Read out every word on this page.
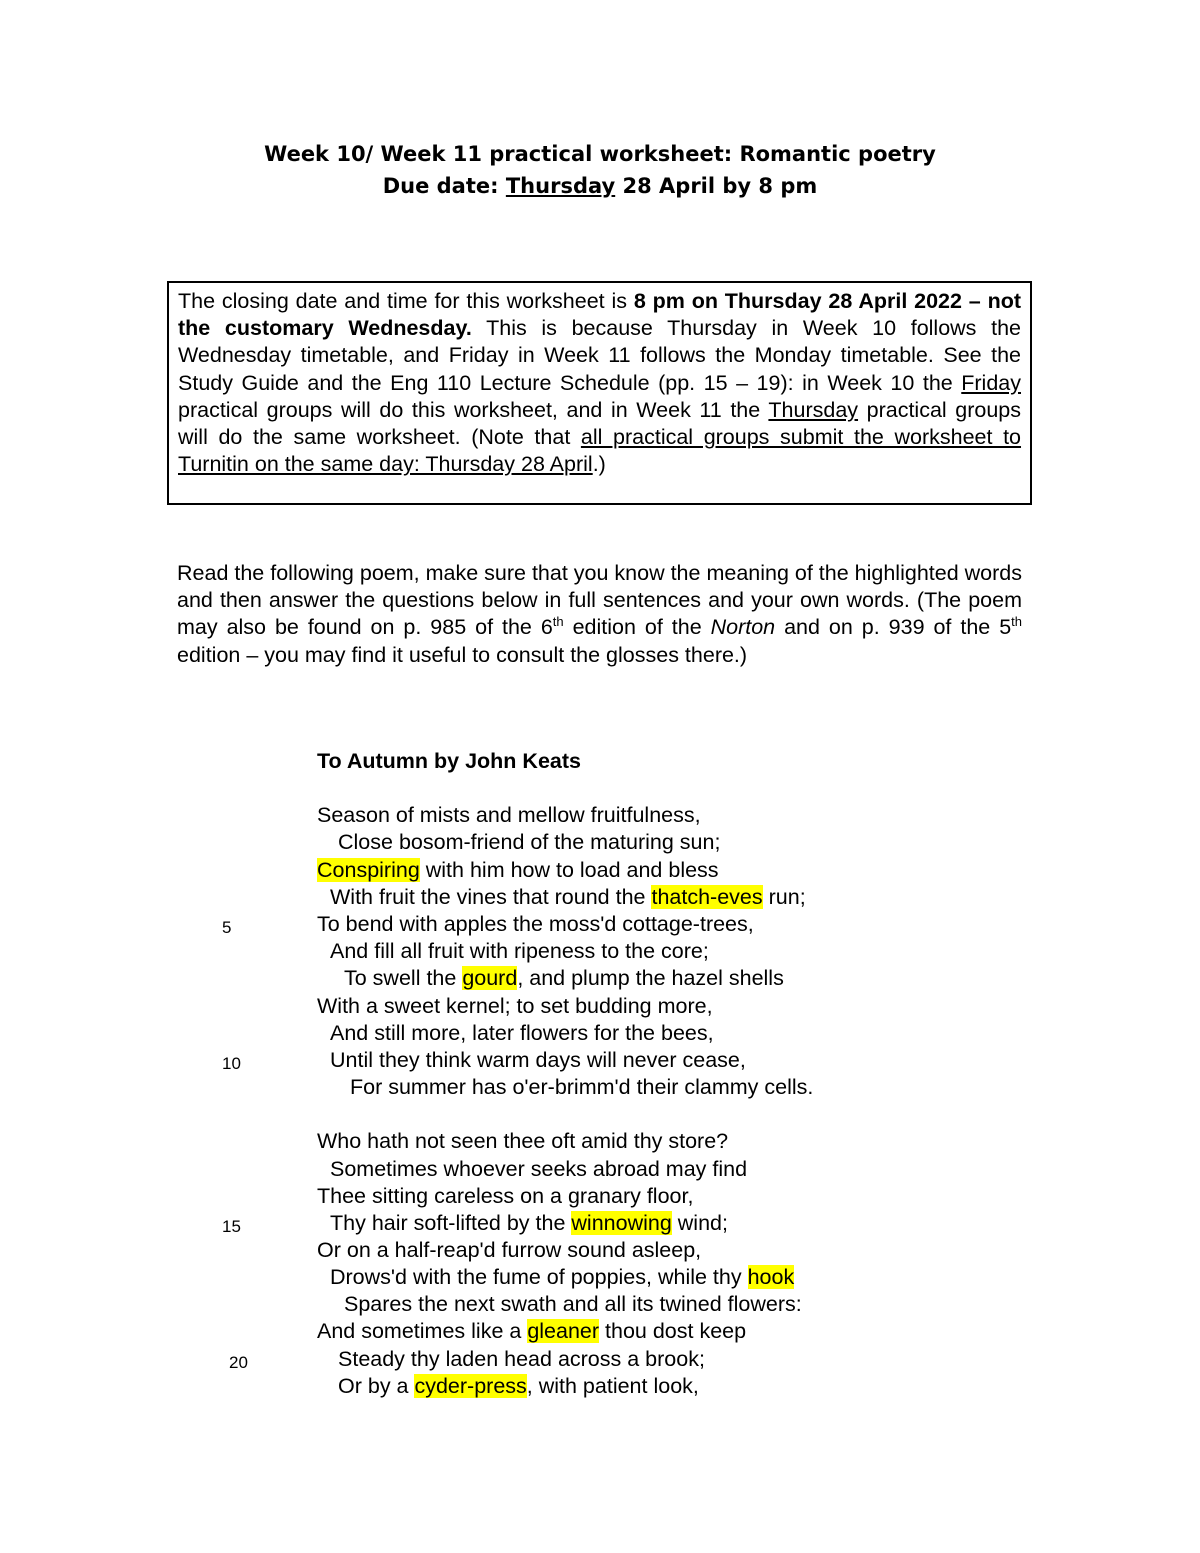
Week 10/ Week 11 practical worksheet: Romantic poetry
Due date: Thursday 28 April by 8 pm
The closing date and time for this worksheet is 8 pm on Thursday 28 April 2022 – not the customary Wednesday. This is because Thursday in Week 10 follows the Wednesday timetable, and Friday in Week 11 follows the Monday timetable. See the Study Guide and the Eng 110 Lecture Schedule (pp. 15 – 19): in Week 10 the Friday practical groups will do this worksheet, and in Week 11 the Thursday practical groups will do the same worksheet. (Note that all practical groups submit the worksheet to Turnitin on the same day: Thursday 28 April.)
Read the following poem, make sure that you know the meaning of the highlighted words and then answer the questions below in full sentences and your own words. (The poem may also be found on p. 985 of the 6th edition of the Norton and on p. 939 of the 5th edition – you may find it useful to consult the glosses there.)
To Autumn by John Keats
Season of mists and mellow fruitfulness,
Close bosom-friend of the maturing sun;
Conspiring with him how to load and bless
With fruit the vines that round the thatch-eves run;
5	To bend with apples the moss'd cottage-trees,
And fill all fruit with ripeness to the core;
To swell the gourd, and plump the hazel shells
With a sweet kernel; to set budding more,
And still more, later flowers for the bees,
10	Until they think warm days will never cease,
For summer has o'er-brimm'd their clammy cells.
Who hath not seen thee oft amid thy store?
Sometimes whoever seeks abroad may find
Thee sitting careless on a granary floor,
15	Thy hair soft-lifted by the winnowing wind;
Or on a half-reap'd furrow sound asleep,
Drows'd with the fume of poppies, while thy hook
Spares the next swath and all its twined flowers:
And sometimes like a gleaner thou dost keep
20	Steady thy laden head across a brook;
Or by a cyder-press, with patient look,
